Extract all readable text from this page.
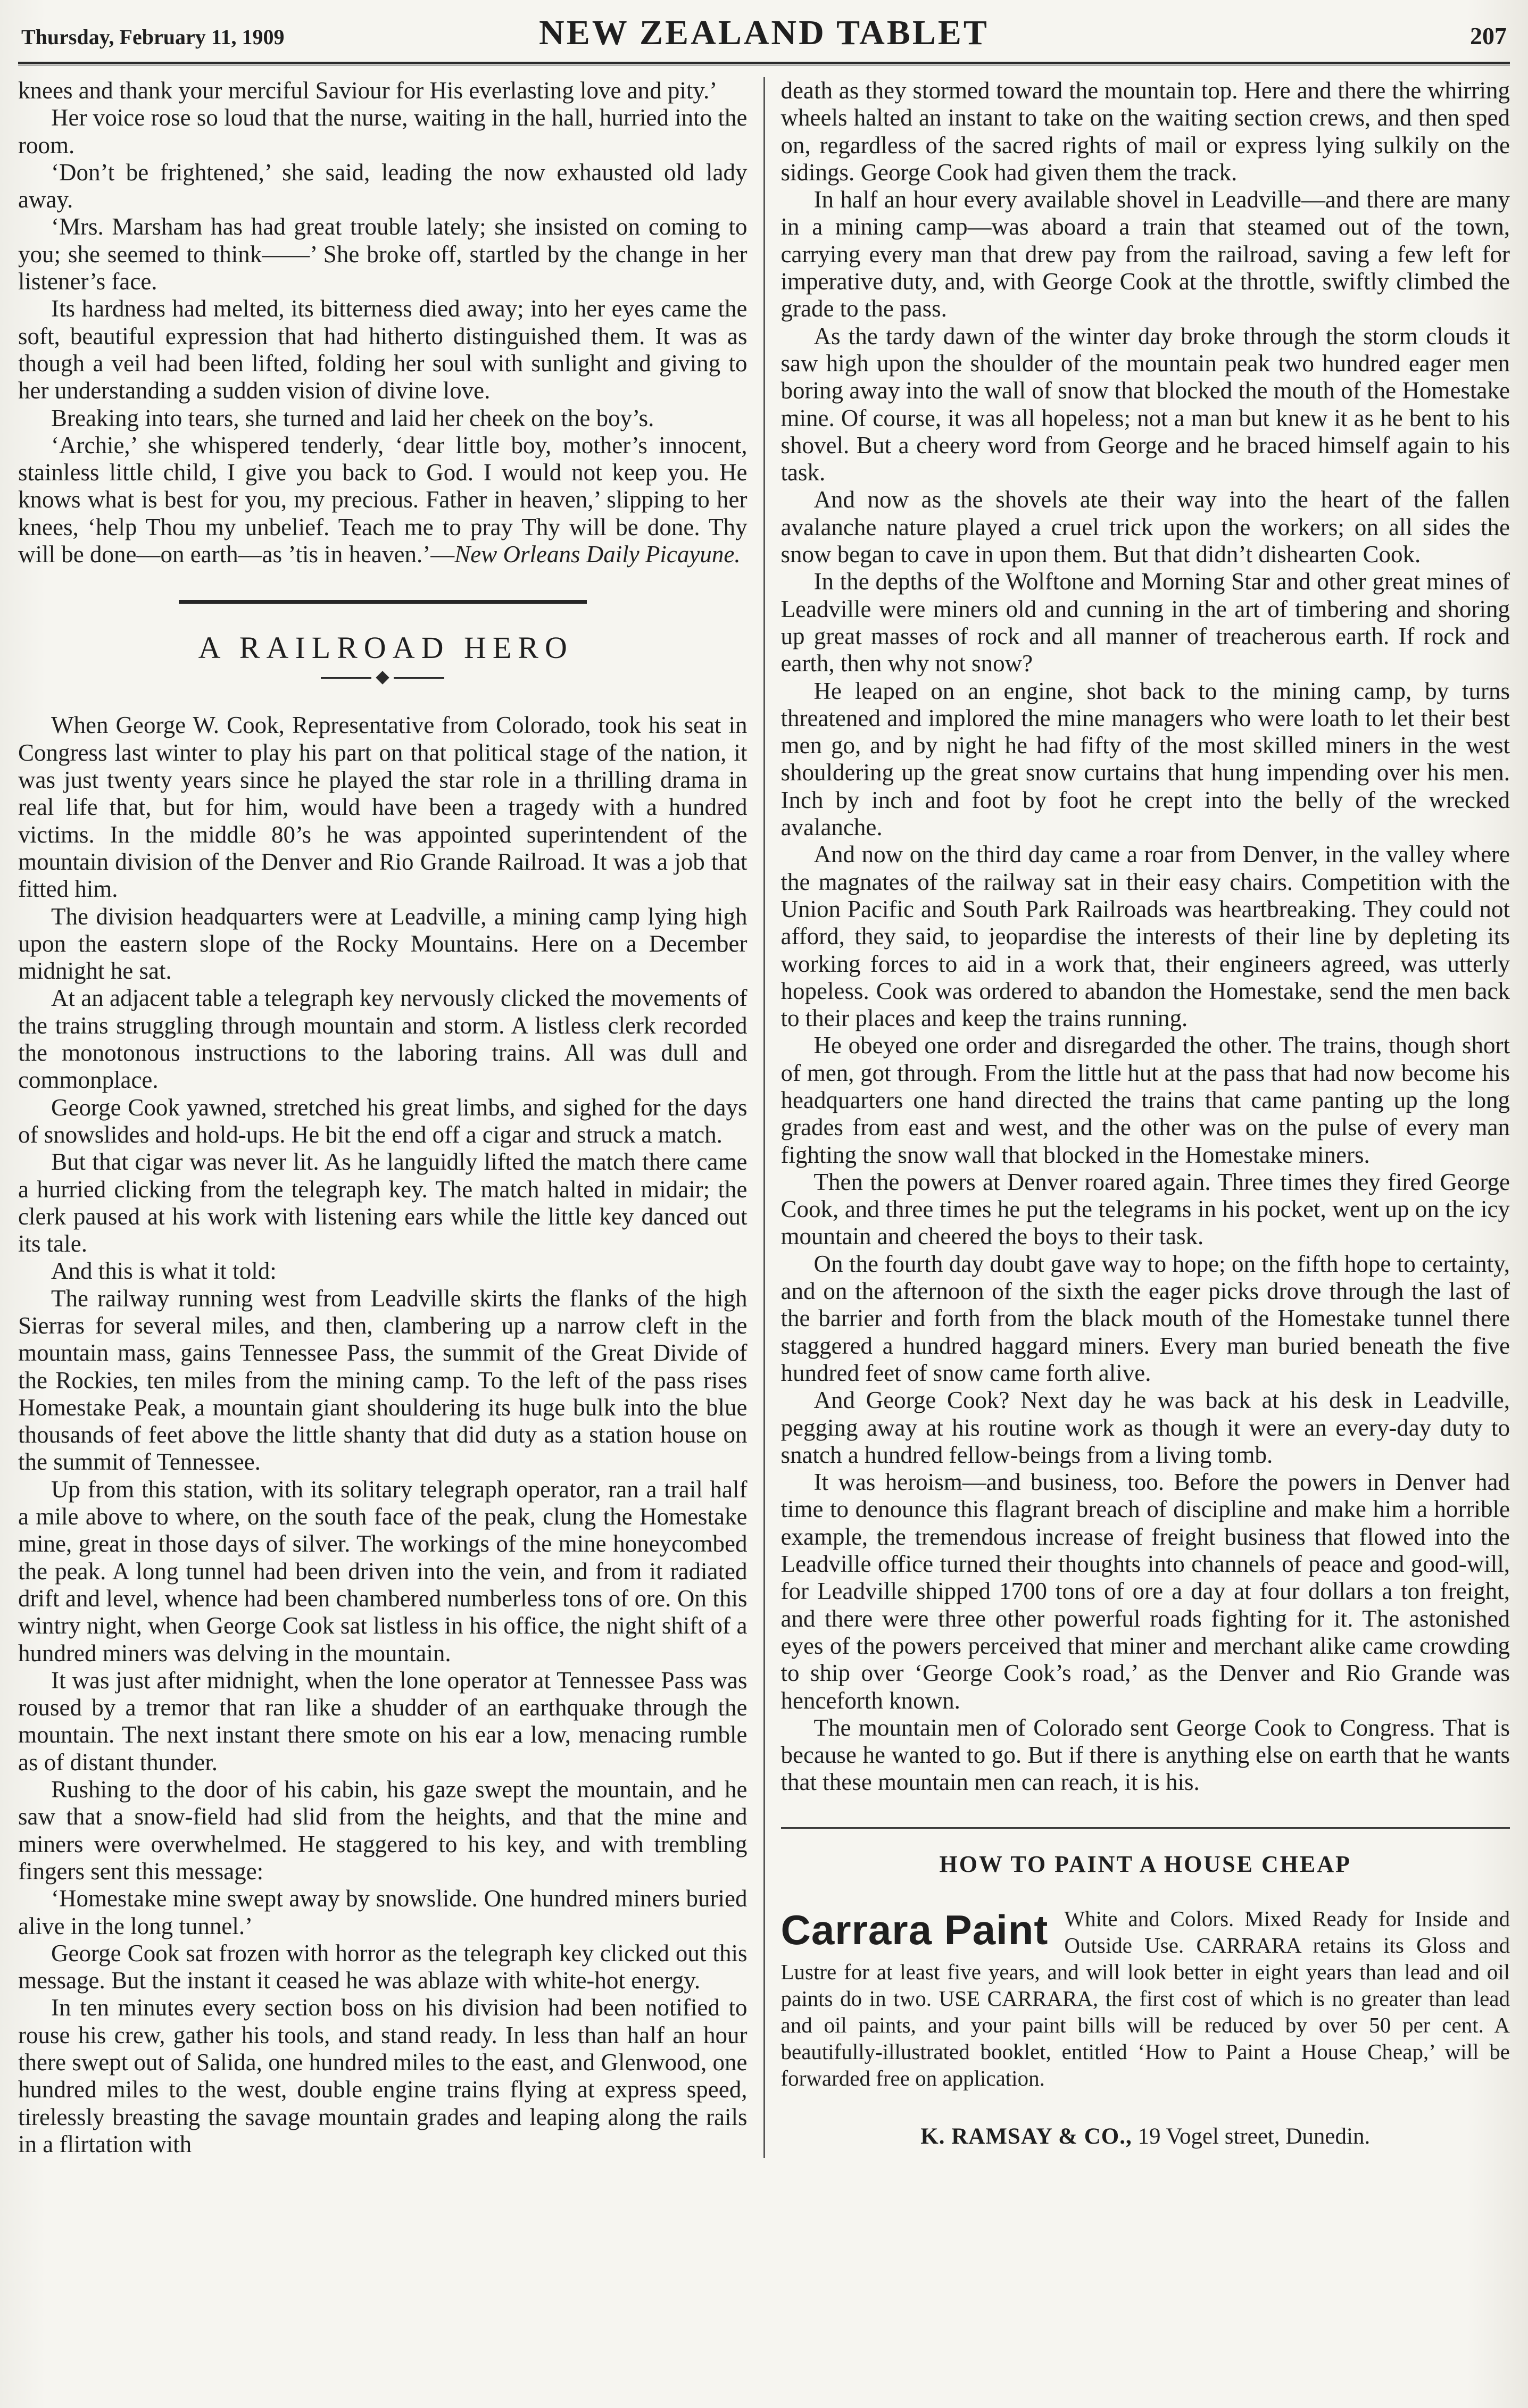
Thursday, February 11, 1909	NEW ZEALAND TABLET	207

knees and thank your merciful Saviour for His everlasting love and pity.’

Her voice rose so loud that the nurse, waiting in the hall, hurried into the room.

‘Don’t be frightened,’ she said, leading the now exhausted old lady away.

‘Mrs. Marsham has had great trouble lately; she insisted on coming to you; she seemed to think——’ She broke off, startled by the change in her listener’s face.

Its hardness had melted, its bitterness died away; into her eyes came the soft, beautiful expression that had hitherto distinguished them. It was as though a veil had been lifted, folding her soul with sunlight and giving to her understanding a sudden vision of divine love.

Breaking into tears, she turned and laid her cheek on the boy’s.

‘Archie,’ she whispered tenderly, ‘dear little boy, mother’s innocent, stainless little child, I give you back to God. I would not keep you. He knows what is best for you, my precious. Father in heaven,’ slipping to her knees, ‘help Thou my unbelief. Teach me to pray Thy will be done. Thy will be done—on earth—as ’tis in heaven.’—New Orleans Daily Picayune.

A RAILROAD HERO

When George W. Cook, Representative from Colorado, took his seat in Congress last winter to play his part on that political stage of the nation, it was just twenty years since he played the star role in a thrilling drama in real life that, but for him, would have been a tragedy with a hundred victims. In the middle 80’s he was appointed superintendent of the mountain division of the Denver and Rio Grande Railroad. It was a job that fitted him.

The division headquarters were at Leadville, a mining camp lying high upon the eastern slope of the Rocky Mountains. Here on a December midnight he sat.

At an adjacent table a telegraph key nervously clicked the movements of the trains struggling through mountain and storm. A listless clerk recorded the monotonous instructions to the laboring trains. All was dull and commonplace.

George Cook yawned, stretched his great limbs, and sighed for the days of snowslides and hold-ups. He bit the end off a cigar and struck a match.

But that cigar was never lit. As he languidly lifted the match there came a hurried clicking from the telegraph key. The match halted in midair; the clerk paused at his work with listening ears while the little key danced out its tale.

And this is what it told:

The railway running west from Leadville skirts the flanks of the high Sierras for several miles, and then, clambering up a narrow cleft in the mountain mass, gains Tennessee Pass, the summit of the Great Divide of the Rockies, ten miles from the mining camp. To the left of the pass rises Homestake Peak, a mountain giant shouldering its huge bulk into the blue thousands of feet above the little shanty that did duty as a station house on the summit of Tennessee.

Up from this station, with its solitary telegraph operator, ran a trail half a mile above to where, on the south face of the peak, clung the Homestake mine, great in those days of silver. The workings of the mine honeycombed the peak. A long tunnel had been driven into the vein, and from it radiated drift and level, whence had been chambered numberless tons of ore. On this wintry night, when George Cook sat listless in his office, the night shift of a hundred miners was delving in the mountain.

It was just after midnight, when the lone operator at Tennessee Pass was roused by a tremor that ran like a shudder of an earthquake through the mountain. The next instant there smote on his ear a low, menacing rumble as of distant thunder.

Rushing to the door of his cabin, his gaze swept the mountain, and he saw that a snow-field had slid from the heights, and that the mine and miners were overwhelmed. He staggered to his key, and with trembling fingers sent this message:

‘Homestake mine swept away by snowslide. One hundred miners buried alive in the long tunnel.’

George Cook sat frozen with horror as the telegraph key clicked out this message. But the instant it ceased he was ablaze with white-hot energy.

In ten minutes every section boss on his division had been notified to rouse his crew, gather his tools, and stand ready. In less than half an hour there swept out of Salida, one hundred miles to the east, and Glenwood, one hundred miles to the west, double engine trains flying at express speed, tirelessly breasting the savage mountain grades and leaping along the rails in a flirtation with

death as they stormed toward the mountain top. Here and there the whirring wheels halted an instant to take on the waiting section crews, and then sped on, regardless of the sacred rights of mail or express lying sulkily on the sidings. George Cook had given them the track.

In half an hour every available shovel in Leadville—and there are many in a mining camp—was aboard a train that steamed out of the town, carrying every man that drew pay from the railroad, saving a few left for imperative duty, and, with George Cook at the throttle, swiftly climbed the grade to the pass.

As the tardy dawn of the winter day broke through the storm clouds it saw high upon the shoulder of the mountain peak two hundred eager men boring away into the wall of snow that blocked the mouth of the Homestake mine. Of course, it was all hopeless; not a man but knew it as he bent to his shovel. But a cheery word from George and he braced himself again to his task.

And now as the shovels ate their way into the heart of the fallen avalanche nature played a cruel trick upon the workers; on all sides the snow began to cave in upon them. But that didn’t dishearten Cook.

In the depths of the Wolftone and Morning Star and other great mines of Leadville were miners old and cunning in the art of timbering and shoring up great masses of rock and all manner of treacherous earth. If rock and earth, then why not snow?

He leaped on an engine, shot back to the mining camp, by turns threatened and implored the mine managers who were loath to let their best men go, and by night he had fifty of the most skilled miners in the west shouldering up the great snow curtains that hung impending over his men. Inch by inch and foot by foot he crept into the belly of the wrecked avalanche.

And now on the third day came a roar from Denver, in the valley where the magnates of the railway sat in their easy chairs. Competition with the Union Pacific and South Park Railroads was heartbreaking. They could not afford, they said, to jeopardise the interests of their line by depleting its working forces to aid in a work that, their engineers agreed, was utterly hopeless. Cook was ordered to abandon the Homestake, send the men back to their places and keep the trains running.

He obeyed one order and disregarded the other. The trains, though short of men, got through. From the little hut at the pass that had now become his headquarters one hand directed the trains that came panting up the long grades from east and west, and the other was on the pulse of every man fighting the snow wall that blocked in the Homestake miners.

Then the powers at Denver roared again. Three times they fired George Cook, and three times he put the telegrams in his pocket, went up on the icy mountain and cheered the boys to their task.

On the fourth day doubt gave way to hope; on the fifth hope to certainty, and on the afternoon of the sixth the eager picks drove through the last of the barrier and forth from the black mouth of the Homestake tunnel there staggered a hundred haggard miners. Every man buried beneath the five hundred feet of snow came forth alive.

And George Cook? Next day he was back at his desk in Leadville, pegging away at his routine work as though it were an every-day duty to snatch a hundred fellow-beings from a living tomb.

It was heroism—and business, too. Before the powers in Denver had time to denounce this flagrant breach of discipline and make him a horrible example, the tremendous increase of freight business that flowed into the Leadville office turned their thoughts into channels of peace and good-will, for Leadville shipped 1700 tons of ore a day at four dollars a ton freight, and there were three other powerful roads fighting for it. The astonished eyes of the powers perceived that miner and merchant alike came crowding to ship over ‘George Cook’s road,’ as the Denver and Rio Grande was henceforth known.

The mountain men of Colorado sent George Cook to Congress. That is because he wanted to go. But if there is anything else on earth that he wants that these mountain men can reach, it is his.

HOW TO PAINT A HOUSE CHEAP
Carrara Paint White and Colors. Mixed Ready for Inside and Outside Use. CARRARA retains its Gloss and Lustre for at least five years, and will look better in eight years than lead and oil paints do in two. USE CARRARA, the first cost of which is no greater than lead and oil paints, and your paint bills will be reduced by over 50 per cent. A beautifully-illustrated booklet, entitled ‘How to Paint a House Cheap,’ will be forwarded free on application.

K. RAMSAY & CO., 19 Vogel street, Dunedin.
